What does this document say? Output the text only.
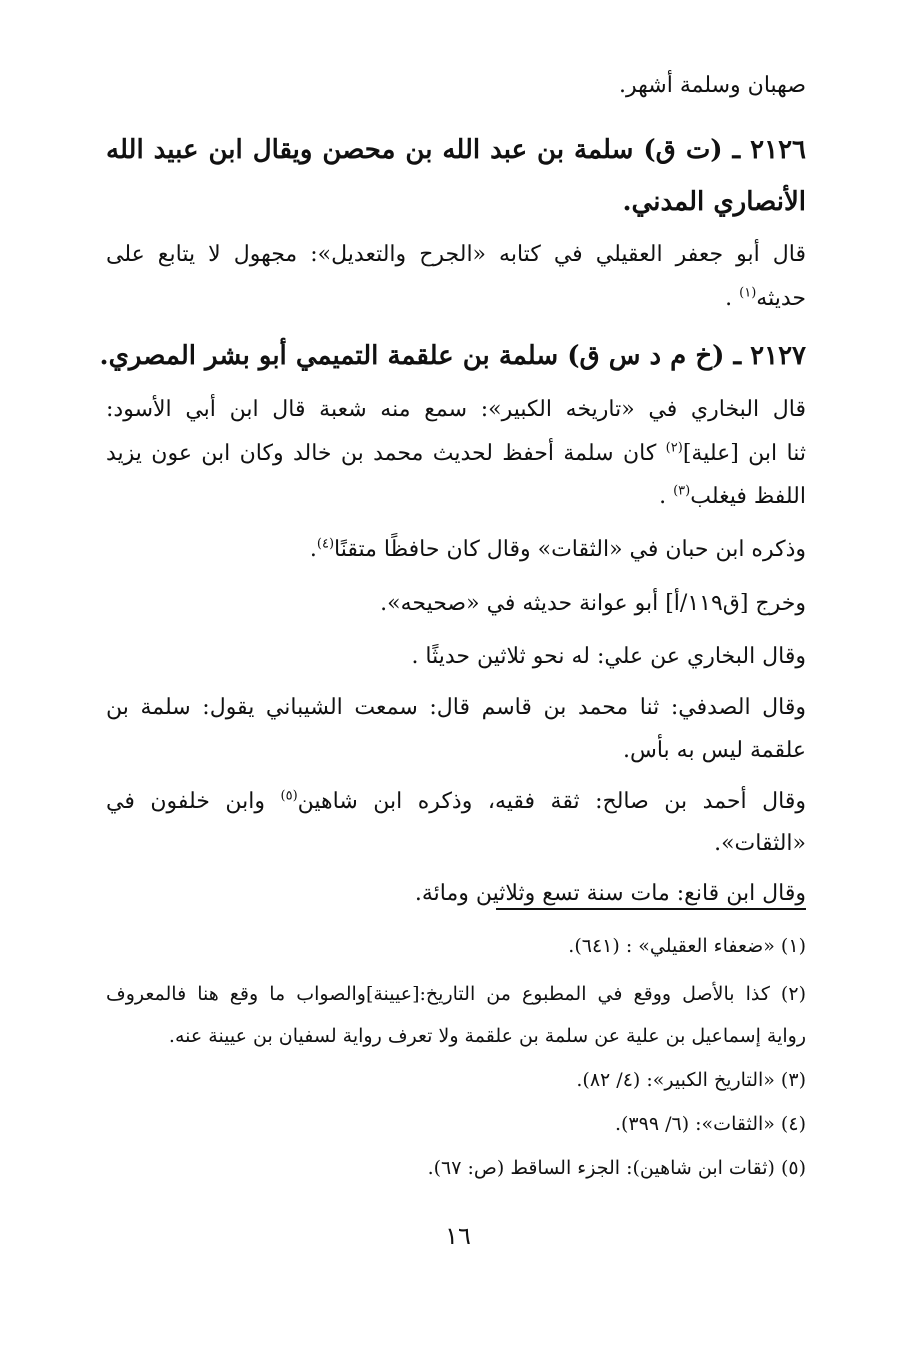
صهبان وسلمة أشهر.
٢١٢٦ ـ (ت ق) سلمة بن عبد الله بن محصن ويقال ابن عبيد الله
الأنصاري المدني.
قال أبو جعفر العقيلي في كتابه «الجرح والتعديل»: مجهول لا يتابع على
حديثه$^{(١)}$ .
٢١٢٧ ـ (خ م د س ق) سلمة بن علقمة التميمي أبو بشر المصري.
قال البخاري في «تاريخه الكبير»: سمع منه شعبة قال ابن أبي الأسود:
ثنا ابن [علية]$^{(٢)}$ كان سلمة أحفظ لحديث محمد بن خالد وكان ابن عون يزيد
اللفظ فيغلب$^{(٣)}$ .
وذكره ابن حبان في «الثقات» وقال كان حافظًا متقنًا$^{(٤)}$.
وخرج [ق١١٩/أ] أبو عوانة حديثه في «صحيحه».
وقال البخاري عن علي: له نحو ثلاثين حديثًا .
وقال الصدفي: ثنا محمد بن قاسم قال: سمعت الشيباني يقول: سلمة بن
علقمة ليس به بأس.
وقال أحمد بن صالح: ثقة فقيه، وذكره ابن شاهين$^{(٥)}$ وابن خلفون في
«الثقات».
وقال ابن قانع: مات سنة تسع وثلاثين ومائة.
(١) «ضعفاء العقيلي» : (٦٤١).
(٢) كذا بالأصل ووقع في المطبوع من التاريخ:[عيينة]والصواب ما وقع هنا فالمعروف
رواية إسماعيل بن علية عن سلمة بن علقمة ولا تعرف رواية لسفيان بن عيينة عنه.
(٣) «التاريخ الكبير»: (٤/ ٨٢).
(٤) «الثقات»: (٦/ ٣٩٩).
(٥) (ثقات ابن شاهين): الجزء الساقط (ص: ٦٧).
١٦
